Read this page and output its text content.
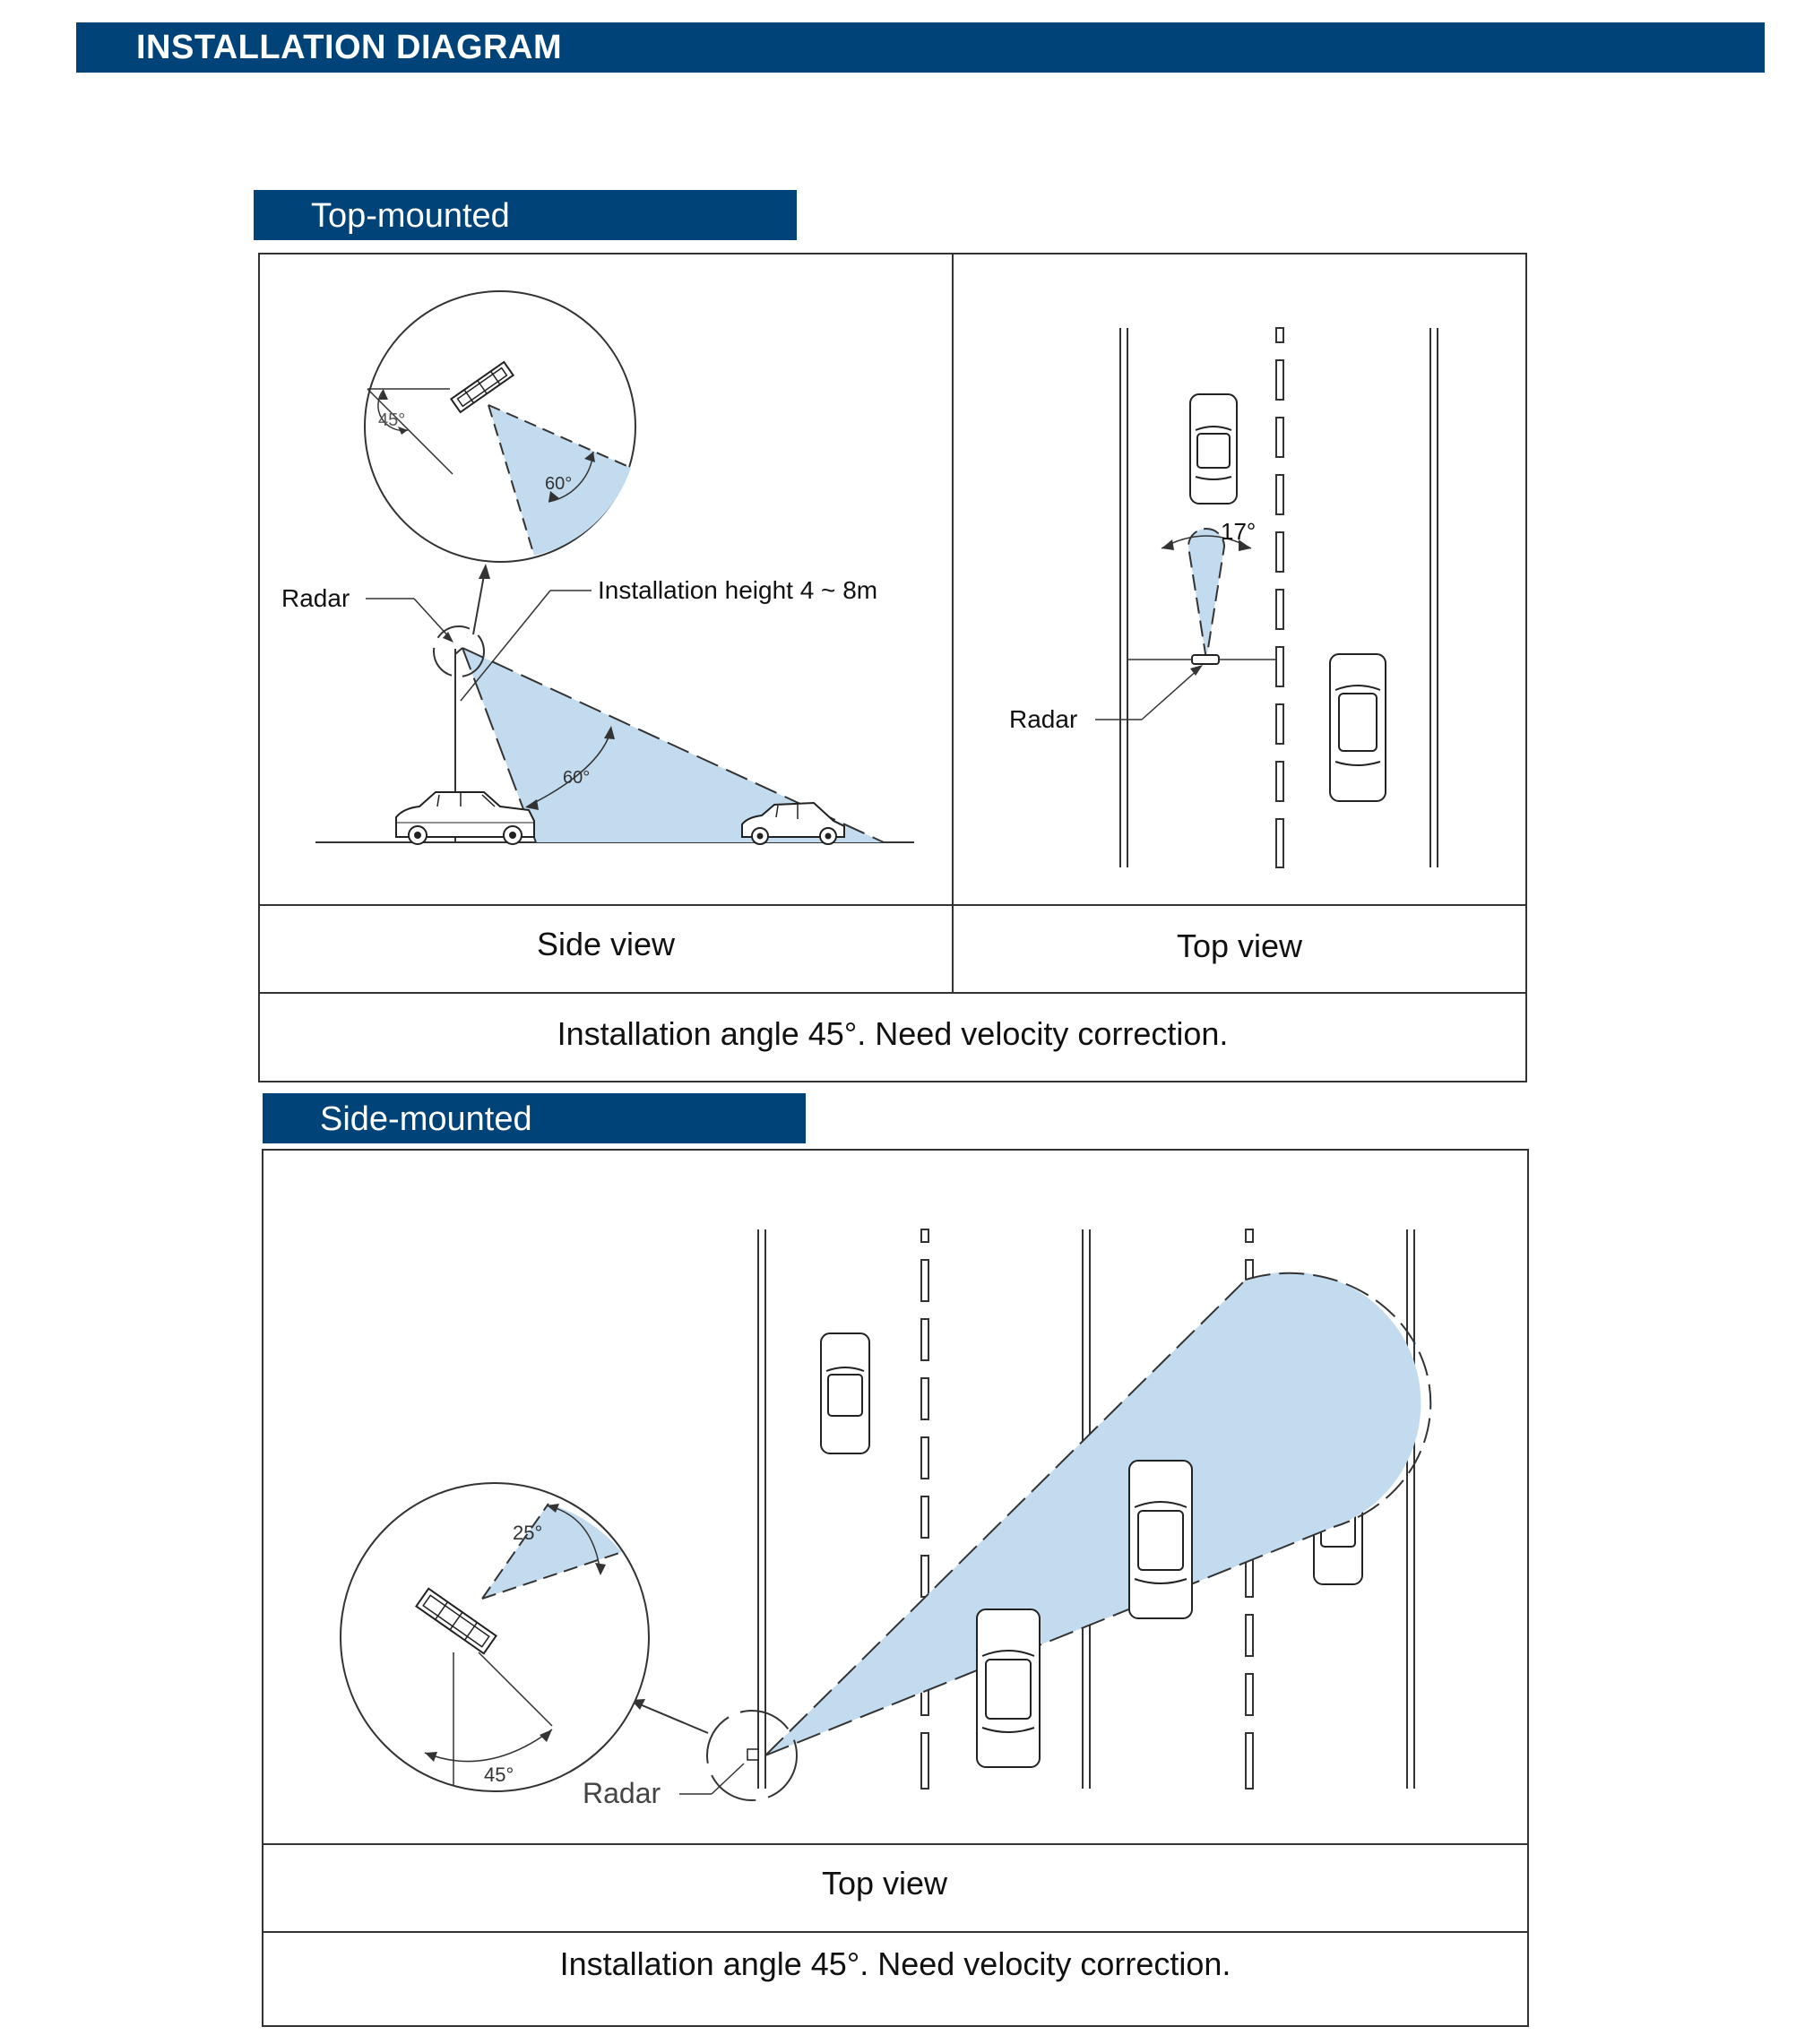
INSTALLATION DIAGRAM
Top-mounted
45°
60°
60°
Radar	Installation height 4 ~ 8m
17°
Radar
Side view	Top view
Installation angle 45°. Need velocity correction.
Side-mounted
25°
45°
Radar
Top view
Installation angle 45°. Need velocity correction.
